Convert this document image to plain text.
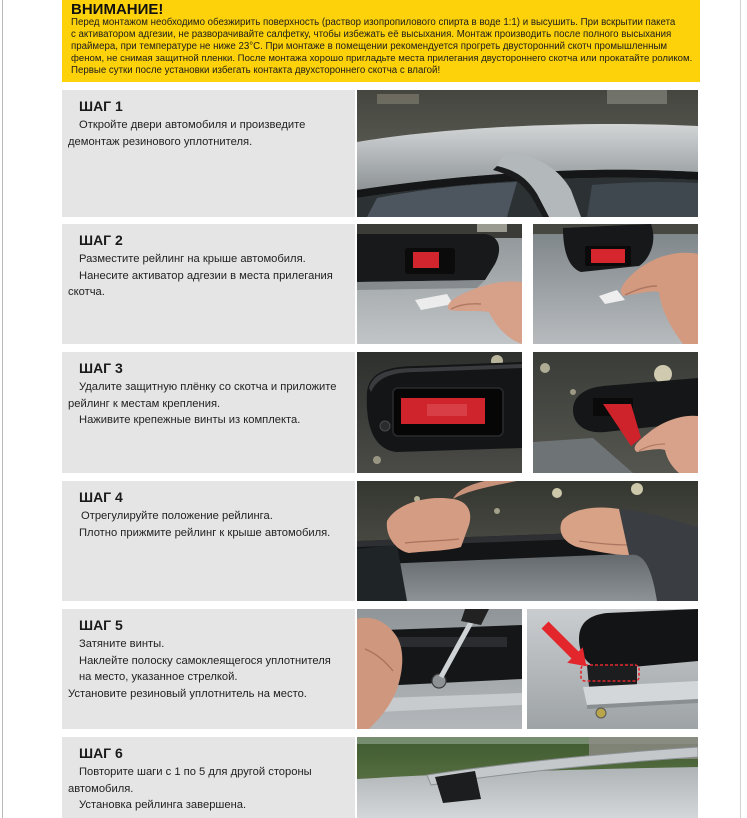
ВНИМАНИЕ!
Перед монтажом необходимо обезжирить поверхность (раствор изопропилового спирта в воде 1:1) и высушить. При вскрытии пакета
с активатором адгезии, не разворачивайте салфетку, чтобы избежать её высыхания. Монтаж производить после полного высыхания
праймера, при температуре не ниже 23°С. При монтаже в помещении рекомендуется прогреть двусторонний скотч промышленным
феном, не снимая защитной пленки. После монтажа хорошо пригладьте места прилегания двустороннего скотча или прокатайте роликом.
Первые сутки после установки избегать контакта двухстороннего скотча с влагой!
ШАГ 1
Откройте двери автомобиля и произведите
демонтаж резинового уплотнителя.
ШАГ 2
Разместите рейлинг на крыше автомобиля.
Нанесите активатор адгезии в места прилегания
скотча.
ШАГ 3
Удалите защитную плёнку со скотча и приложите
рейлинг к местам крепления.
Наживите крепежные винты из комплекта.
ШАГ 4
Отрегулируйте положение рейлинга.
Плотно прижмите рейлинг к крыше автомобиля.
ШАГ 5
Затяните винты.
Наклейте полоску самоклеящегося уплотнителя
на место, указанное стрелкой.
Установите резиновый уплотнитель на место.
ШАГ 6
Повторите шаги с 1 по 5 для другой стороны
автомобиля.
Установка рейлинга завершена.
